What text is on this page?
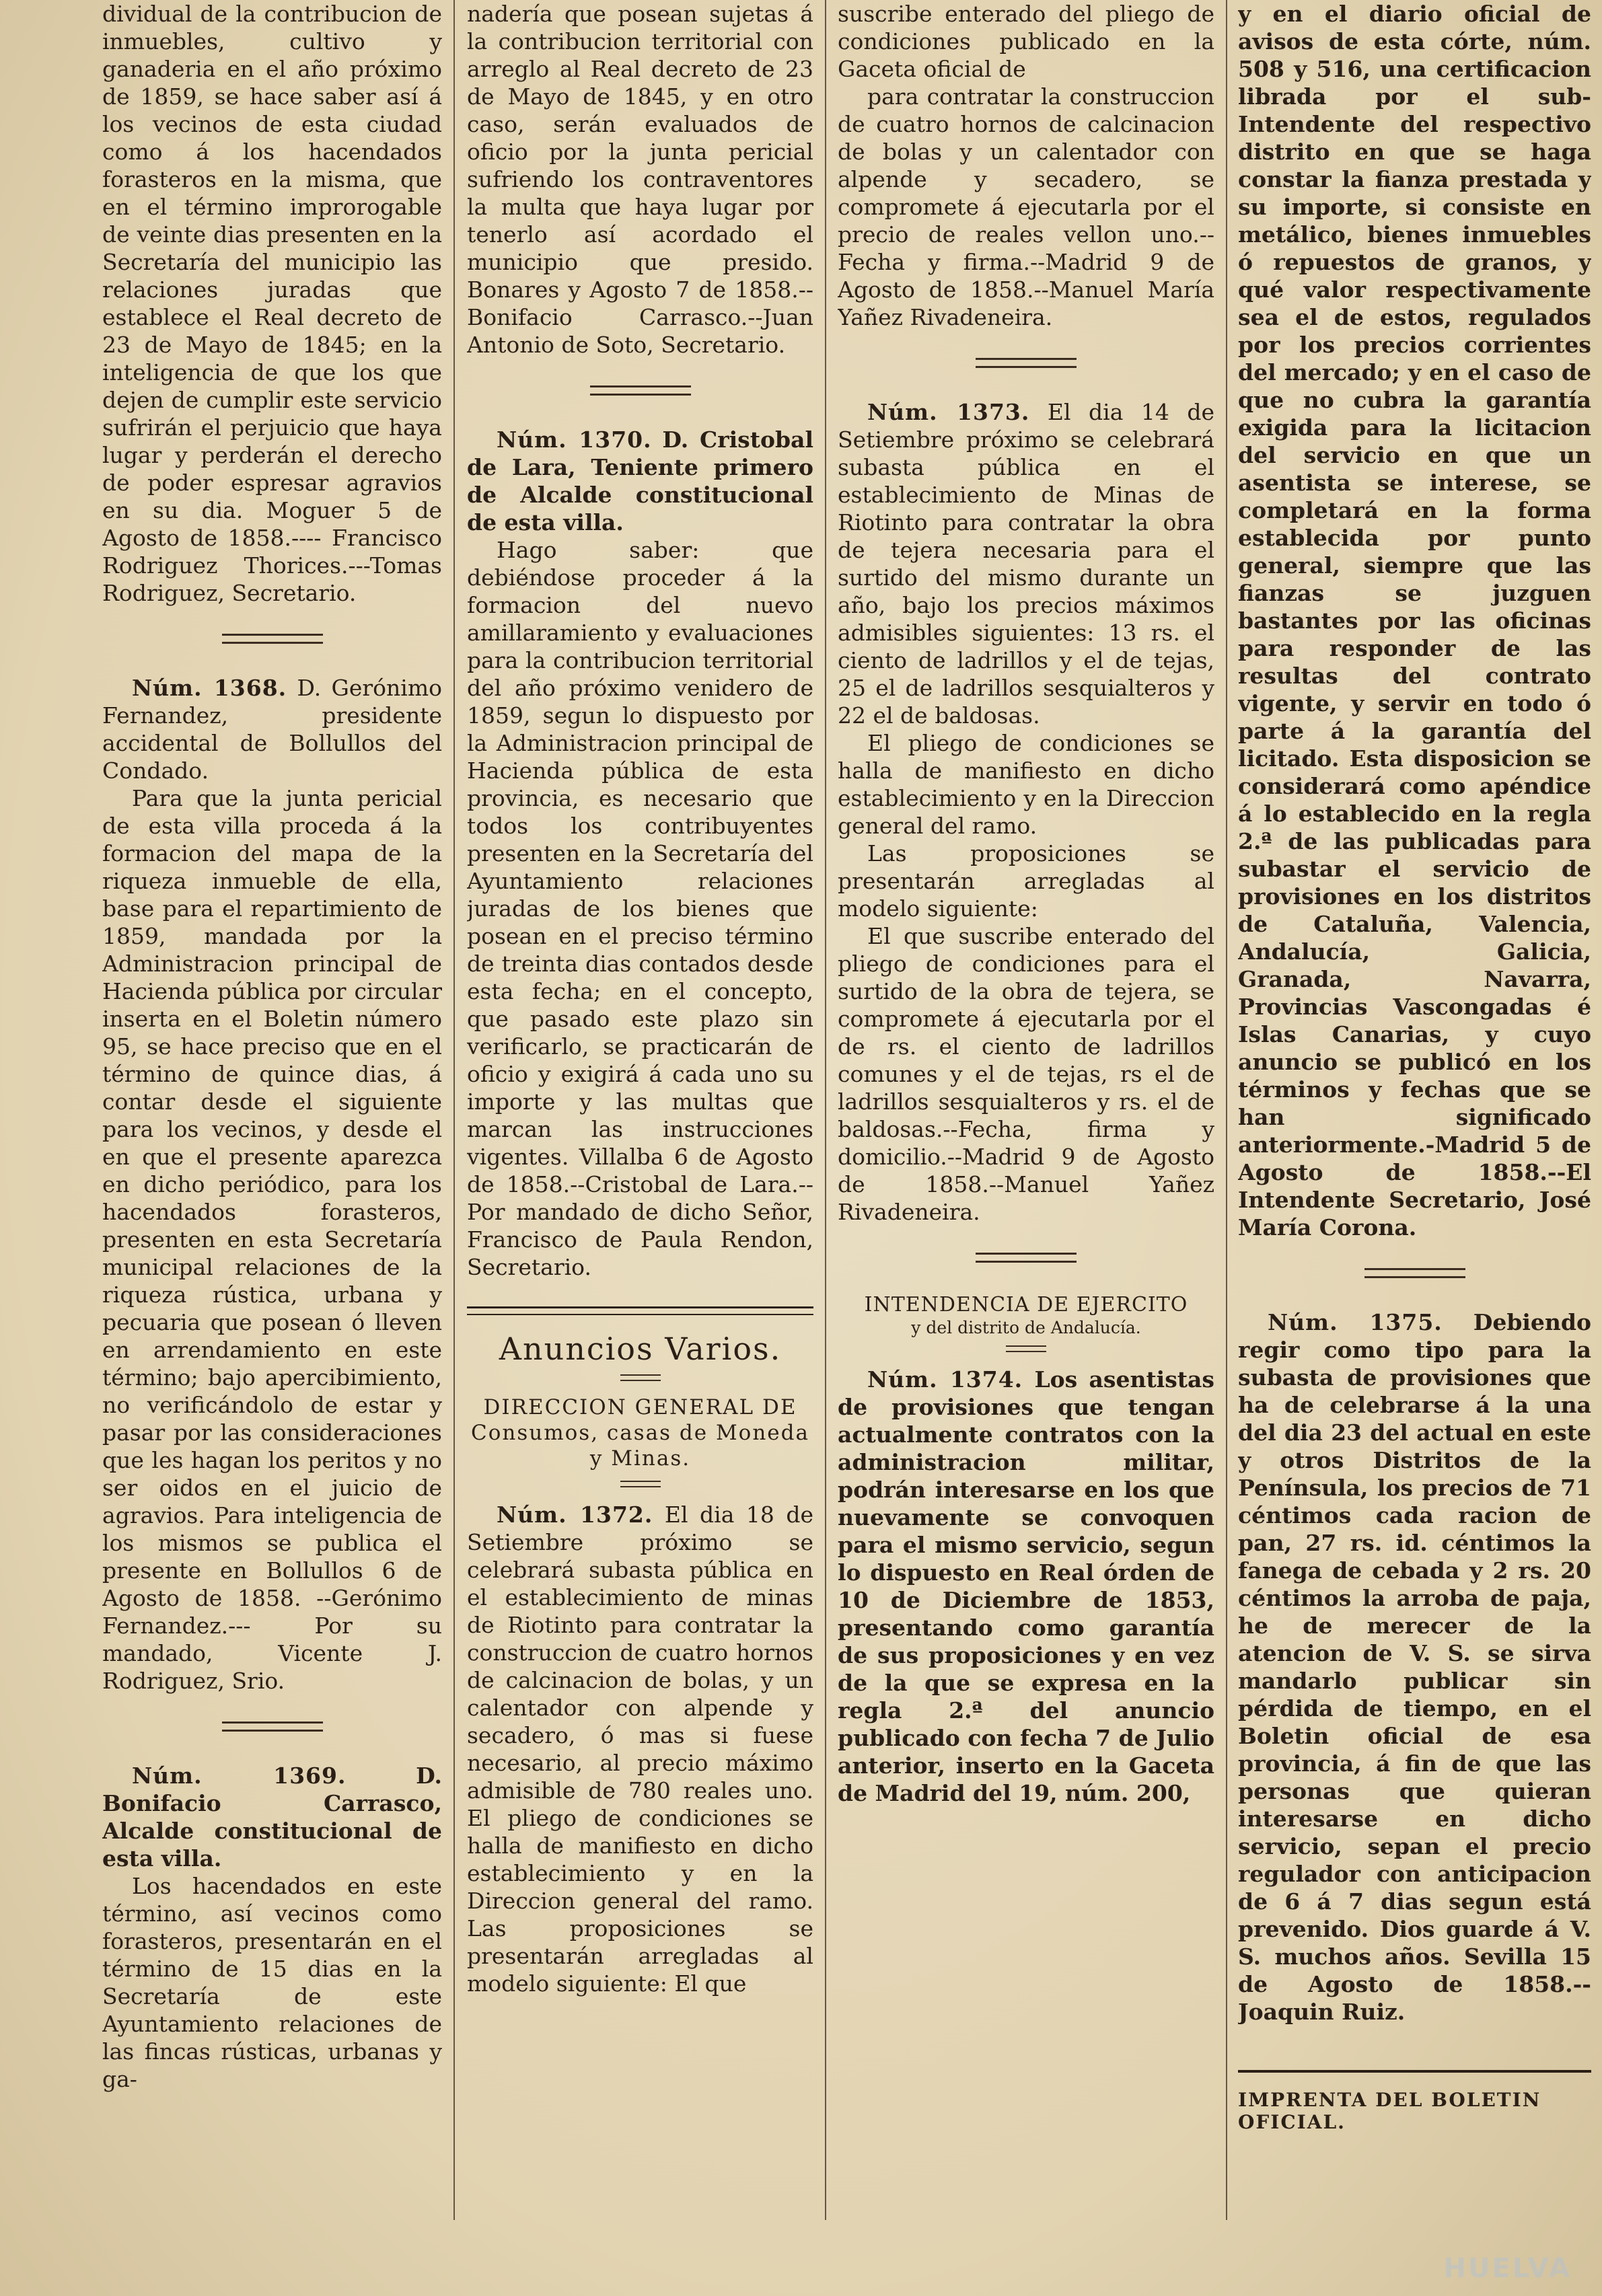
dividual de la contribucion de inmuebles, cultivo y ganaderia en el año próximo de 1859, se hace saber así á los vecinos de esta ciudad como á los hacendados forasteros en la misma, que en el término improrogable de veinte dias presenten en la Secretaría del municipio las relaciones juradas que establece el Real decreto de 23 de Mayo de 1845; en la inteligencia de que los que dejen de cumplir este servicio sufrirán el perjuicio que haya lugar y perderán el derecho de poder espresar agravios en su dia. Moguer 5 de Agosto de 1858.---- Francisco Rodriguez Thorices.---Tomas Rodriguez, Secretario.

Núm. 1368. D. Gerónimo Fernandez, presidente accidental de Bollullos del Condado.

Para que la junta pericial de esta villa proceda á la formacion del mapa de la riqueza inmueble de ella, base para el repartimiento de 1859, mandada por la Administracion principal de Hacienda pública por circular inserta en el Boletin número 95, se hace preciso que en el término de quince dias, á contar desde el siguiente para los vecinos, y desde el en que el presente aparezca en dicho periódico, para los hacendados forasteros, presenten en esta Secretaría municipal relaciones de la riqueza rústica, urbana y pecuaria que posean ó lleven en arrendamiento en este término; bajo apercibimiento, no verificándolo de estar y pasar por las consideraciones que les hagan los peritos y no ser oidos en el juicio de agravios. Para inteligencia de los mismos se publica el presente en Bollullos 6 de Agosto de 1858. --Gerónimo Fernandez.--- Por su mandado, Vicente J. Rodriguez, Srio.

Núm. 1369.	D. Bonifacio Carrasco, Alcalde constitucional de esta villa.

Los hacendados en este término, así vecinos como forasteros, presentarán en el término de 15 dias en la Secretaría de este Ayuntamiento relaciones de las fincas rústicas, urbanas y ga-

nadería que posean sujetas á la contribucion territorial con arreglo al Real decreto de 23 de Mayo de 1845, y en otro caso, serán evaluados de oficio por la junta pericial sufriendo los contraventores la multa que haya lugar por tenerlo así acordado el municipio que presido. Bonares y Agosto 7 de 1858.--Bonifacio Carrasco.--Juan Antonio de Soto, Secretario.

Núm. 1370. D. Cristobal de Lara, Teniente primero de Alcalde constitucional de esta villa.

Hago saber: que debiéndose proceder á la formacion del nuevo amillaramiento y evaluaciones para la contribucion territorial del año próximo venidero de 1859, segun lo dispuesto por la Administracion principal de Hacienda pública de esta provincia, es necesario que todos los contribuyentes presenten en la Secretaría del Ayuntamiento relaciones juradas de los bienes que posean en el preciso término de treinta dias contados desde esta fecha; en el concepto, que pasado este plazo sin verificarlo, se practicarán de oficio y exigirá á cada uno su importe y las multas que marcan las instrucciones vigentes. Villalba 6 de Agosto de 1858.--Cristobal de Lara.--Por mandado de dicho Señor, Francisco de Paula Rendon, Secretario.

Anuncios Varios.
DIRECCION GENERAL DE Consumos, casas de Moneda y Minas.

Núm. 1372. El dia 18 de Setiembre próximo se celebrará subasta pública en el establecimiento de minas de Riotinto para contratar la construccion de cuatro hornos de calcinacion de bolas, y un calentador con alpende y secadero, ó mas si fuese necesario, al precio máximo admisible de 780 reales uno. El pliego de condiciones se halla de manifiesto en dicho establecimiento y en la Direccion general del ramo. Las proposiciones se presentarán arregladas al modelo siguiente: El que

suscribe enterado del pliego de condiciones publicado en la Gaceta oficial de

para contratar la construccion de cuatro hornos de calcinacion de bolas y un calentador con alpende y secadero, se compromete á ejecutarla por el precio de reales vellon uno.--Fecha y firma.--Madrid 9 de Agosto de 1858.--Manuel María Yañez Rivadeneira.

Núm. 1373. El dia 14 de Setiembre próximo se celebrará subasta pública en el establecimiento de Minas de Riotinto para contratar la obra de tejera necesaria para el surtido del mismo durante un año, bajo los precios máximos admisibles siguientes: 13 rs. el ciento de ladrillos y el de tejas, 25 el de ladrillos sesquialteros y 22 el de baldosas.

El pliego de condiciones se halla de manifiesto en dicho establecimiento y en la Direccion general del ramo.

Las proposiciones se presentarán arregladas al modelo siguiente:

El que suscribe enterado del pliego de condiciones para el surtido de la obra de tejera, se compromete á ejecutarla por el de rs. el ciento de ladrillos comunes y el de tejas, rs el de ladrillos sesquialteros y rs. el de baldosas.--Fecha, firma y domicilio.--Madrid 9 de Agosto de 1858.--Manuel Yañez Rivadeneira.

INTENDENCIA DE EJERCITO
y del distrito de Andalucía.

Núm. 1374. Los asentistas de provisiones que tengan actualmente contratos con la administracion militar, podrán interesarse en los que nuevamente se convoquen para el mismo servicio, segun lo dispuesto en Real órden de 10 de Diciembre de 1853, presentando como garantía de sus proposiciones y en vez de la que se expresa en la regla 2.ª del anuncio publicado con fecha 7 de Julio anterior, inserto en la Gaceta de Madrid del 19, núm. 200,

y en el diario oficial de avisos de esta córte, núm. 508 y 516, una certificacion librada por el sub-Intendente del respectivo distrito en que se haga constar la fianza prestada y su importe, si consiste en metálico, bienes inmuebles ó repuestos de granos, y qué valor respectivamente sea el de estos, regulados por los precios corrientes del mercado; y en el caso de que no cubra la garantía exigida para la licitacion del servicio en que un asentista se interese, se completará en la forma establecida por punto general, siempre que las fianzas se juzguen bastantes por las oficinas para responder de las resultas del contrato vigente, y servir en todo ó parte á la garantía del licitado. Esta disposicion se considerará como apéndice á lo establecido en la regla 2.ª de las publicadas para subastar el servicio de provisiones en los distritos de Cataluña, Valencia, Andalucía, Galicia, Granada, Navarra, Provincias Vascongadas é Islas Canarias, y cuyo anuncio se publicó en los términos y fechas que se han significado anteriormente.-Madrid 5 de Agosto de 1858.--El Intendente Secretario, José María Corona.

Núm. 1375. Debiendo regir como tipo para la subasta de provisiones que ha de celebrarse á la una del dia 23 del actual en este y otros Distritos de la Península, los precios de 71 céntimos cada racion de pan, 27 rs. id. céntimos la fanega de cebada y 2 rs. 20 céntimos la arroba de paja, he de merecer de la atencion de V. S. se sirva mandarlo publicar sin pérdida de tiempo, en el Boletin oficial de esa provincia, á fin de que las personas que quieran interesarse en dicho servicio, sepan el precio regulador con anticipacion de 6 á 7 dias segun está prevenido. Dios guarde á V. S. muchos años. Sevilla 15 de Agosto de 1858.-- Joaquin Ruiz.

IMPRENTA DEL BOLETIN OFICIAL.
HUELVA
